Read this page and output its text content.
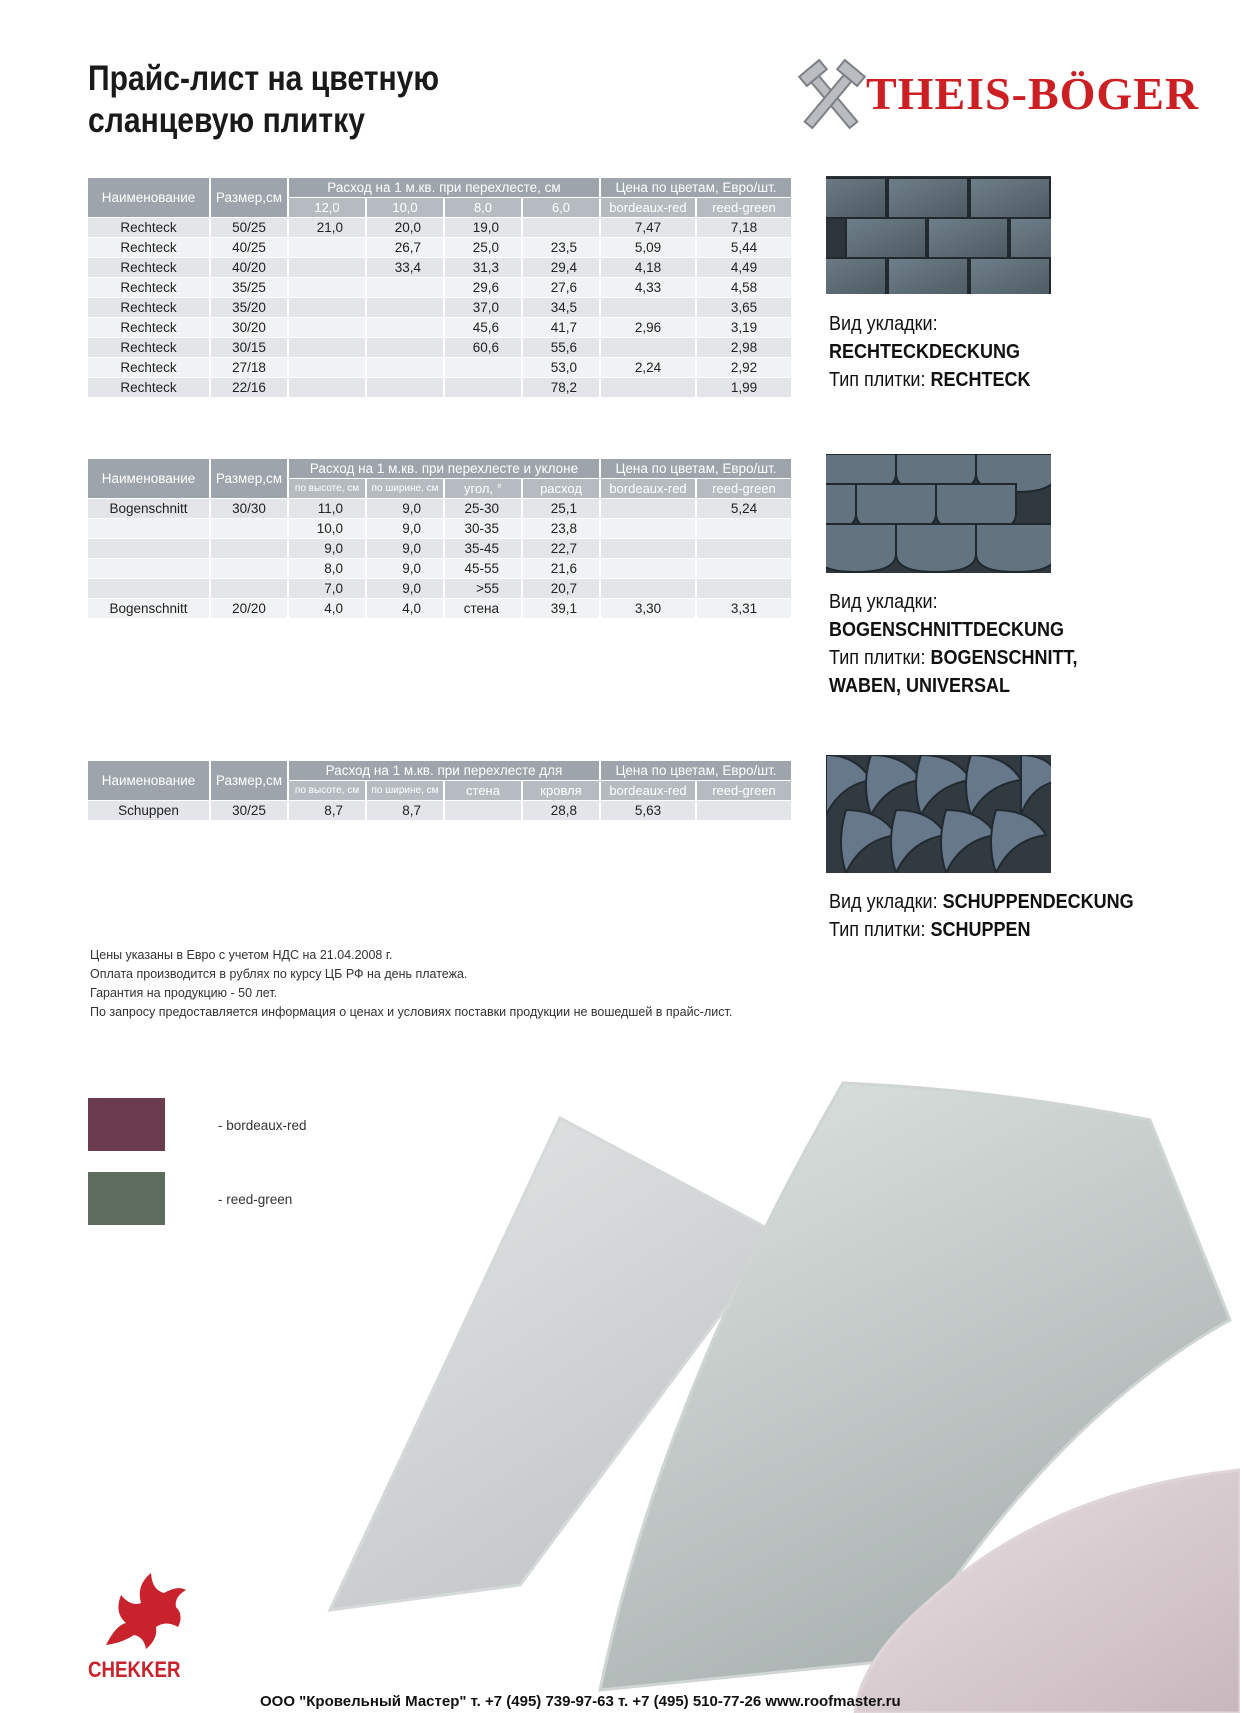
Прайс-лист на цветную
сланцевую плитку
THEIS-BÖGER
Наименование	Размер,см	Расход на 1 м.кв. при перехлесте, см				Цена по цветам, Евро/шт.	
		12,0	10,0	8,0	6,0	bordeaux-red	reed-green
Rechteck	50/25	21,0	20,0	19,0		7,47	7,18
Rechteck	40/25		26,7	25,0	23,5	5,09	5,44
Rechteck	40/20		33,4	31,3	29,4	4,18	4,49
Rechteck	35/25			29,6	27,6	4,33	4,58
Rechteck	35/20			37,0	34,5		3,65
Rechteck	30/20			45,6	41,7	2,96	3,19
Rechteck	30/15			60,6	55,6		2,98
Rechteck	27/18				53,0	2,24	2,92
Rechteck	22/16				78,2		1,99
Наименование	Размер,см	Расход на 1 м.кв. при перехлесте и уклоне				Цена по цветам, Евро/шт.	
		по высоте, см	по ширине, см	угол, °	расход	bordeaux-red	reed-green
Bogenschnitt	30/30	11,0	9,0	25-30	25,1		5,24
		10,0	9,0	30-35	23,8		
		9,0	9,0	35-45	22,7		
		8,0	9,0	45-55	21,6		
		7,0	9,0	>55	20,7		
Bogenschnitt	20/20	4,0	4,0	стена	39,1	3,30	3,31
Наименование	Размер,см	Расход на 1 м.кв. при перехлесте для				Цена по цветам, Евро/шт.	
		по высоте, см	по ширине, см	стена	кровля	bordeaux-red	reed-green
Schuppen	30/25	8,7	8,7		28,8	5,63	
Вид укладки:
RECHTECKDECKUNG
Тип плитки: RECHTECK
Вид укладки:
BOGENSCHNITTDECKUNG
Тип плитки: BOGENSCHNITT,
WABEN, UNIVERSAL
Вид укладки: SCHUPPENDECKUNG
Тип плитки: SCHUPPEN
Цены указаны в Евро с учетом НДС на 21.04.2008 г.
Оплата производится в рублях по курсу ЦБ РФ на день платежа.
Гарантия на продукцию - 50 лет.
По запросу предоставляется информация о ценах и условиях поставки продукции не вошедшей в прайс-лист.
- bordeaux-red
- reed-green
CHEKKER
ООО "Кровельный Мастер" т. +7 (495) 739-97-63 т. +7 (495) 510-77-26 www.roofmaster.ru
